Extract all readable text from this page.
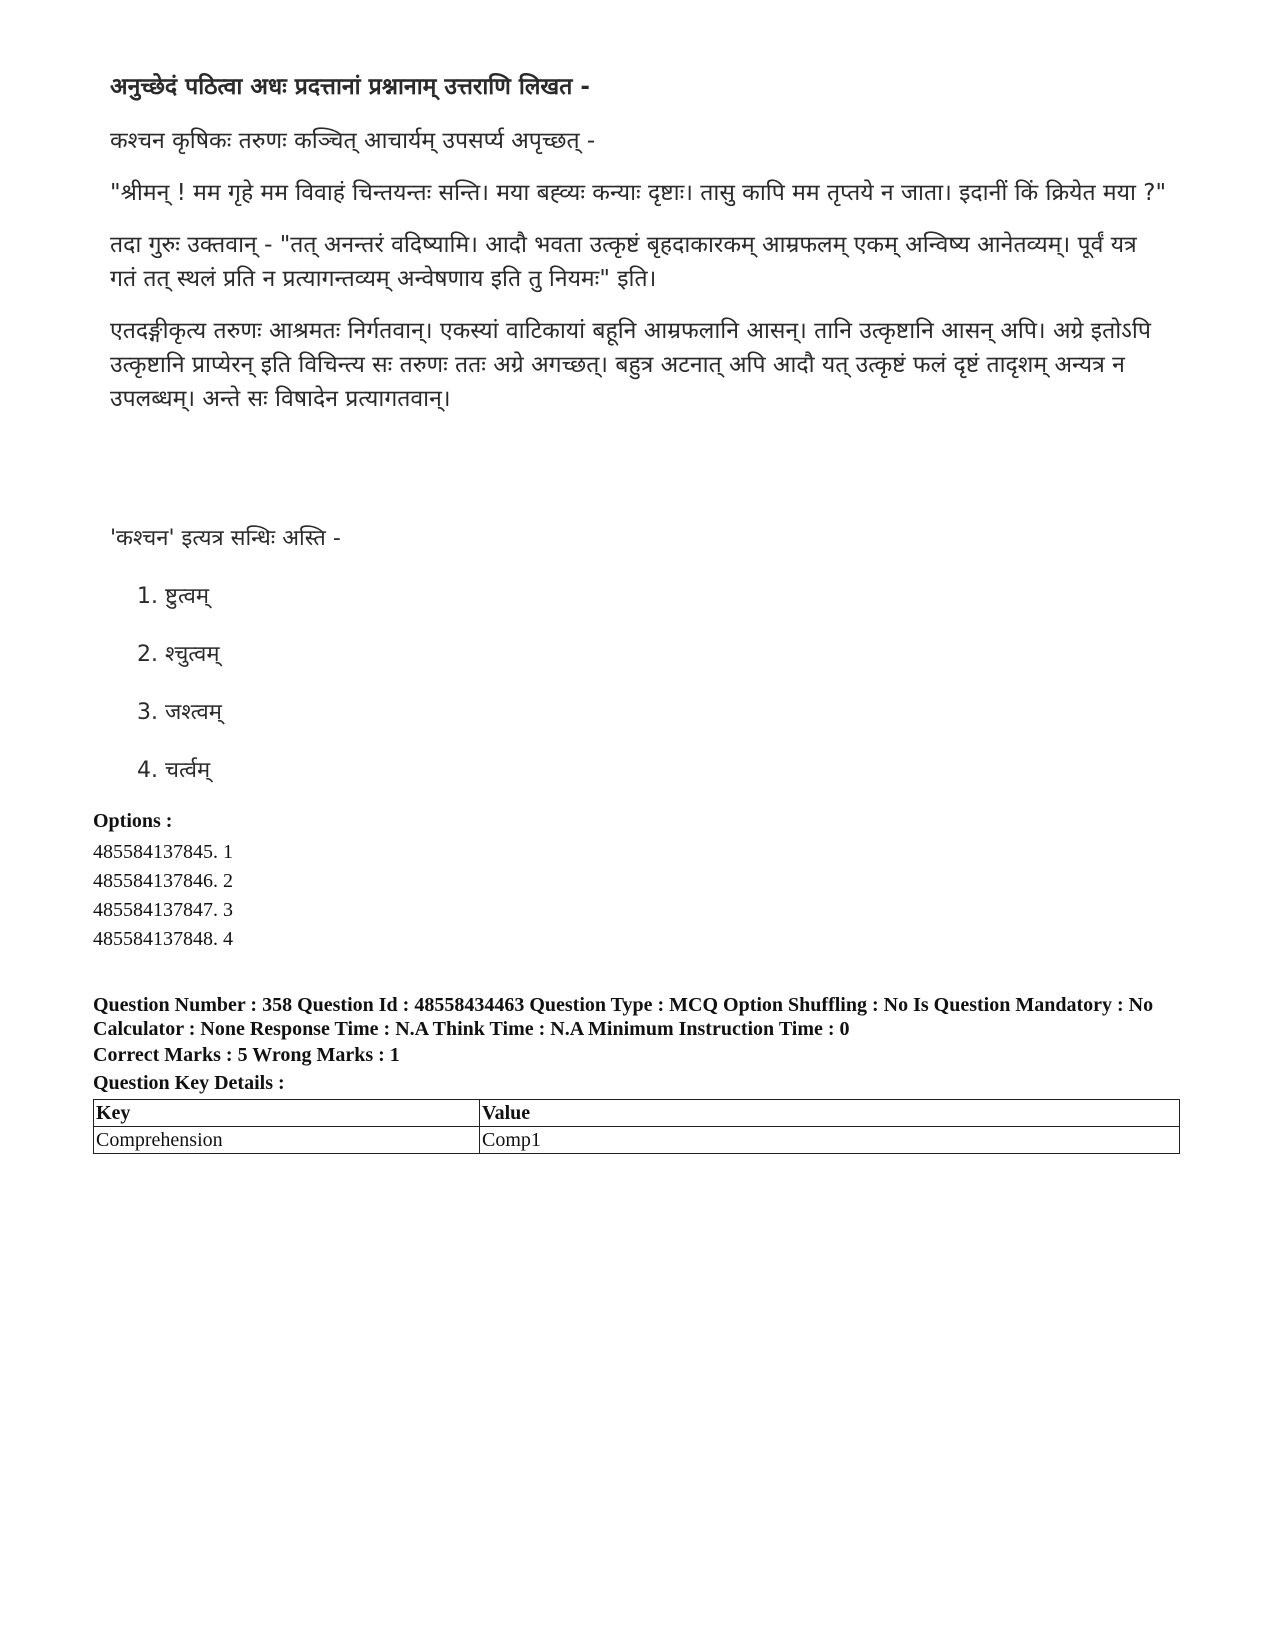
अनुच्छेदं पठित्वा अधः प्रदत्तानां प्रश्नानाम् उत्तराणि लिखत -

कश्चन कृषिकः तरुणः कञ्चित् आचार्यम् उपसर्प्य अपृच्छत् -

"श्रीमन् ! मम गृहे मम विवाहं चिन्तयन्तः सन्ति। मया बह्व्यः कन्याः दृष्टाः। तासु कापि मम तृप्तये न जाता। इदानीं किं क्रियेत मया ?"

तदा गुरुः उक्तवान् - "तत् अनन्तरं वदिष्यामि। आदौ भवता उत्कृष्टं बृहदाकारकम् आम्रफलम् एकम् अन्विष्य आनेतव्यम्। पूर्वं यत्र गतं तत् स्थलं प्रति न प्रत्यागन्तव्यम् अन्वेषणाय इति तु नियमः" इति।

एतदङ्गीकृत्य तरुणः आश्रमतः निर्गतवान्। एकस्यां वाटिकायां बहूनि आम्रफलानि आसन्। तानि उत्कृष्टानि आसन् अपि। अग्रे इतोऽपि उत्कृष्टानि प्राप्येरन् इति विचिन्त्य सः तरुणः ततः अग्रे अगच्छत्। बहुत्र अटनात् अपि आदौ यत् उत्कृष्टं फलं दृष्टं तादृशम् अन्यत्र न उपलब्धम्। अन्ते सः विषादेन प्रत्यागतवान्।

'कश्चन' इत्यत्र सन्धिः अस्ति -
1. ष्टुत्वम्
2. श्चुत्वम्
3. जश्त्वम्
4. चर्त्वम्
Options :
485584137845. 1
485584137846. 2
485584137847. 3
485584137848. 4
Question Number : 358 Question Id : 48558434463 Question Type : MCQ Option Shuffling : No Is Question Mandatory : No Calculator : None Response Time : N.A Think Time : N.A Minimum Instruction Time : 0
Correct Marks : 5 Wrong Marks : 1
Question Key Details :
Key	Value
Comprehension	Comp1
